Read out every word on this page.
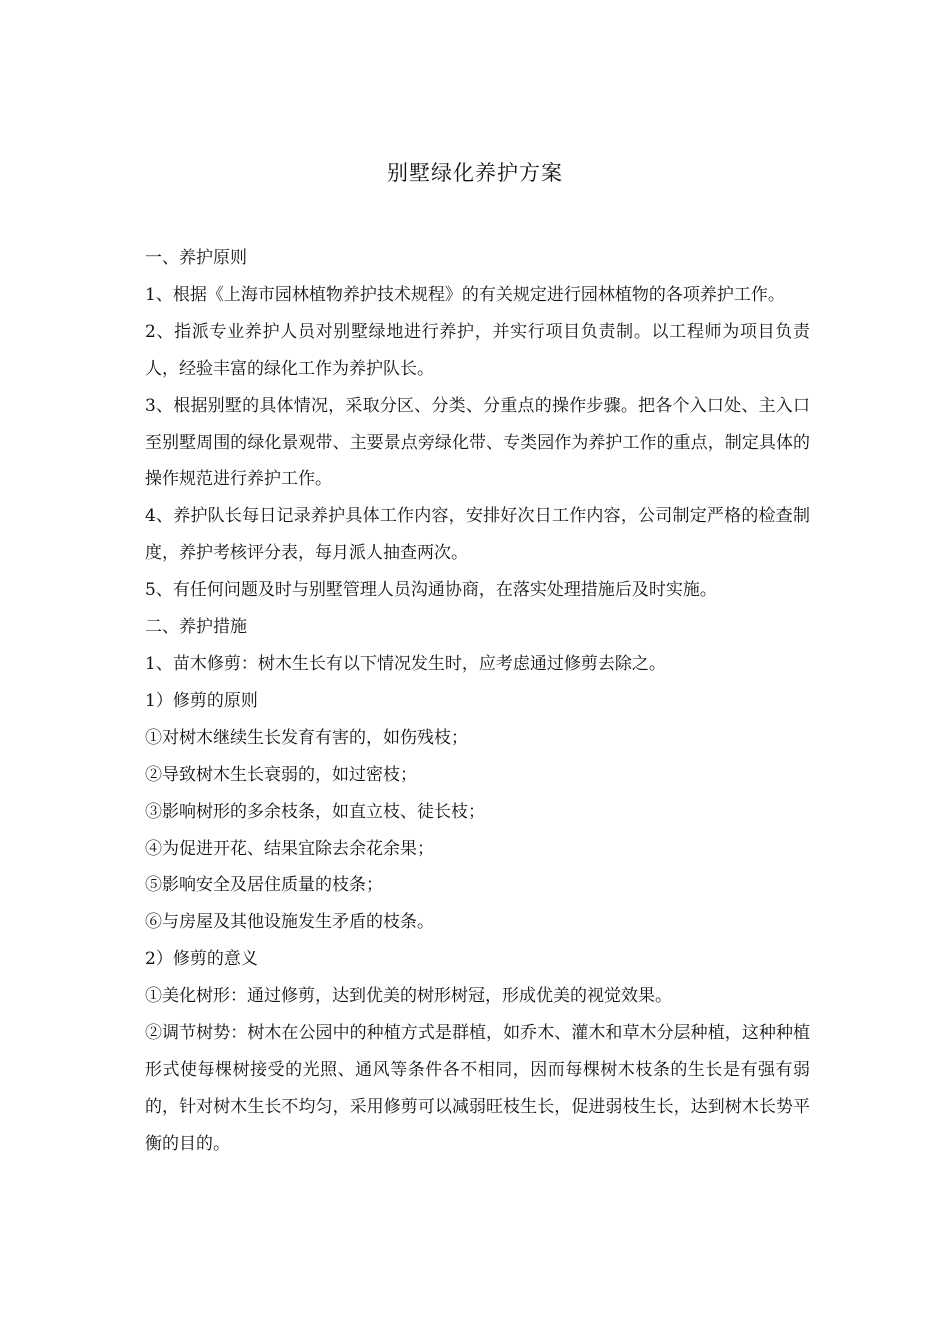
别墅绿化养护方案

一、养护原则

1、根据《上海市园林植物养护技术规程》的有关规定进行园林植物的各项养护工作。

2、指派专业养护人员对别墅绿地进行养护，并实行项目负责制。以工程师为项目负责人，经验丰富的绿化工作为养护队长。

3、根据别墅的具体情况，采取分区、分类、分重点的操作步骤。把各个入口处、主入口至别墅周围的绿化景观带、主要景点旁绿化带、专类园作为养护工作的重点，制定具体的操作规范进行养护工作。

4、养护队长每日记录养护具体工作内容，安排好次日工作内容，公司制定严格的检查制度，养护考核评分表，每月派人抽查两次。

5、有任何问题及时与别墅管理人员沟通协商，在落实处理措施后及时实施。

二、养护措施

1、苗木修剪：树木生长有以下情况发生时，应考虑通过修剪去除之。

1）修剪的原则

①对树木继续生长发育有害的，如伤残枝；

②导致树木生长衰弱的，如过密枝；

③影响树形的多余枝条，如直立枝、徒长枝；

④为促进开花、结果宜除去余花余果；

⑤影响安全及居住质量的枝条；

⑥与房屋及其他设施发生矛盾的枝条。

2）修剪的意义

①美化树形：通过修剪，达到优美的树形树冠，形成优美的视觉效果。

②调节树势：树木在公园中的种植方式是群植，如乔木、灌木和草木分层种植，这种种植形式使每棵树接受的光照、通风等条件各不相同，因而每棵树木枝条的生长是有强有弱的，针对树木生长不均匀，采用修剪可以减弱旺枝生长，促进弱枝生长，达到树木长势平衡的目的。
